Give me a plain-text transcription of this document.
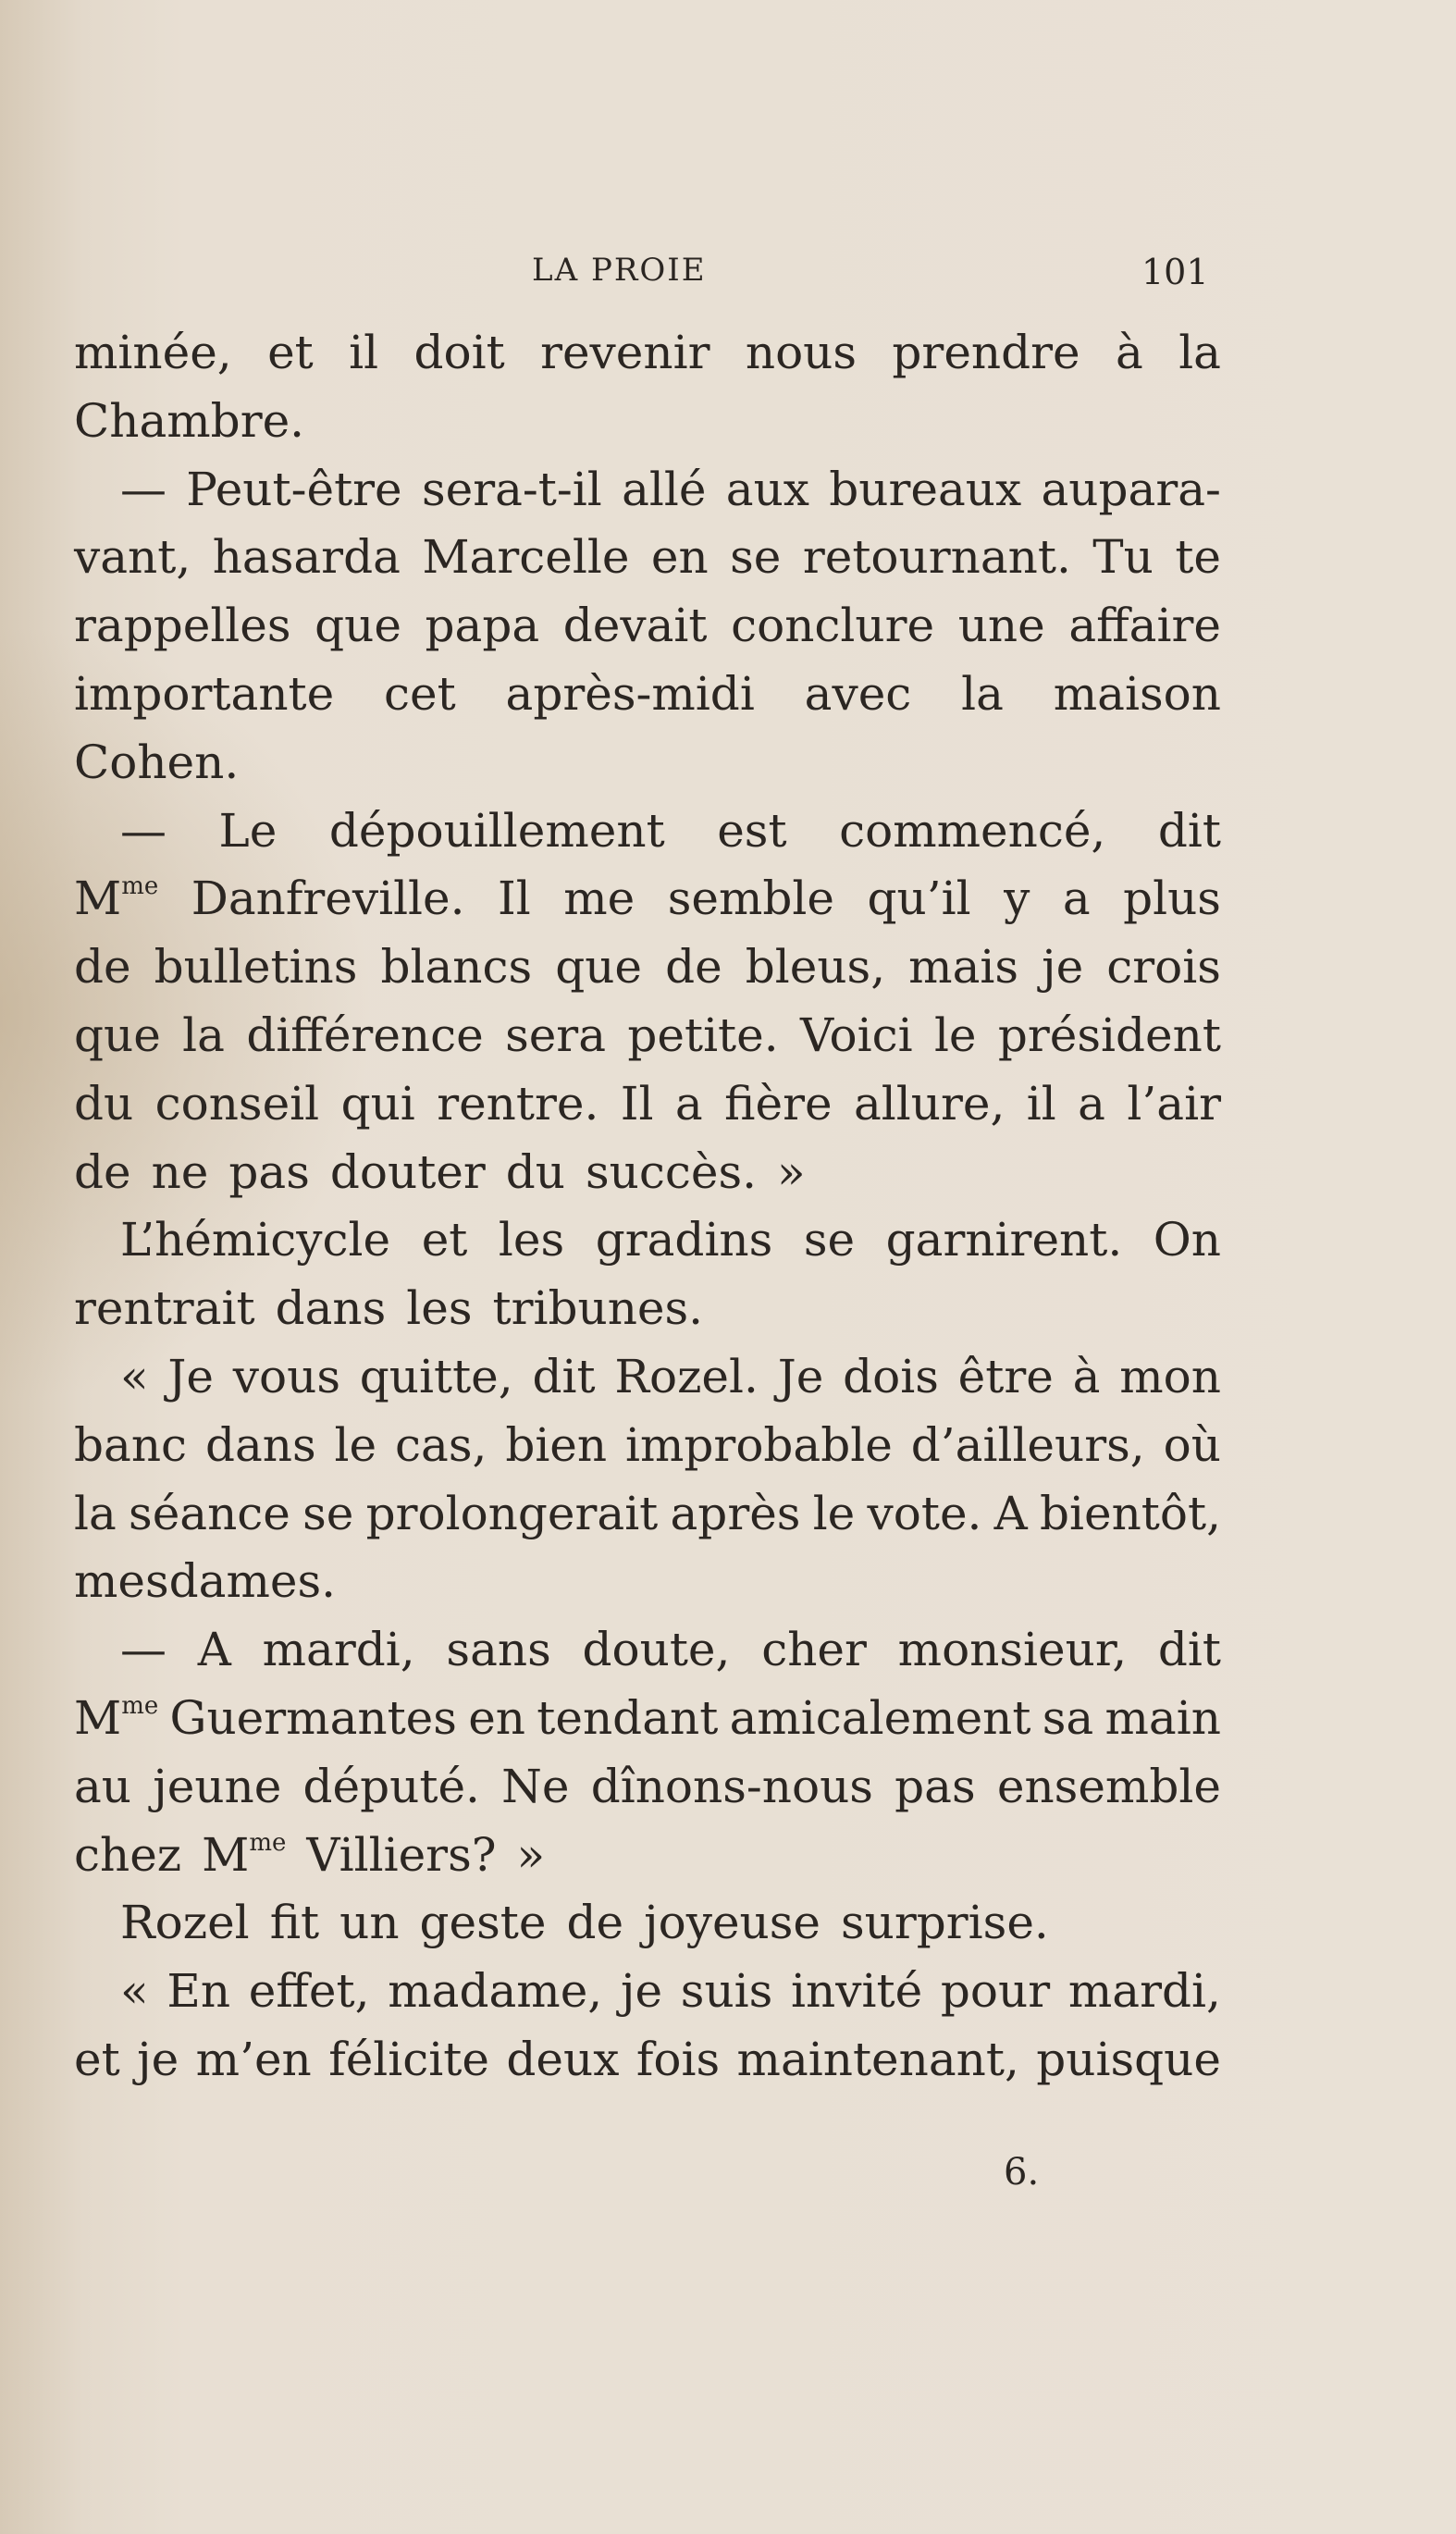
LA PROIE	101
minée, et il doit revenir nous prendre à la
Chambre.
— Peut-être sera-t-il allé aux bureaux aupara-
vant, hasarda Marcelle en se retournant. Tu te
rappelles que papa devait conclure une affaire
importante cet après-midi avec la maison
Cohen.
— Le dépouillement est commencé, dit
$M^{me}$ Danfreville. Il me semble qu’il y a plus
de bulletins blancs que de bleus, mais je crois
que la différence sera petite. Voici le président
du conseil qui rentre. Il a fière allure, il a l’air
de ne pas douter du succès. »
L’hémicycle et les gradins se garnirent. On
rentrait dans les tribunes.
« Je vous quitte, dit Rozel. Je dois être à mon
banc dans le cas, bien improbable d’ailleurs, où
la séance se prolongerait après le vote. A bientôt,
mesdames.
— A mardi, sans doute, cher monsieur, dit
$M^{me}$ Guermantes en tendant amicalement sa main
au jeune député. Ne dînons-nous pas ensemble
chez $M^{me}$ Villiers? »
Rozel fit un geste de joyeuse surprise.
« En effet, madame, je suis invité pour mardi,
et je m’en félicite deux fois maintenant, puisque
6.
